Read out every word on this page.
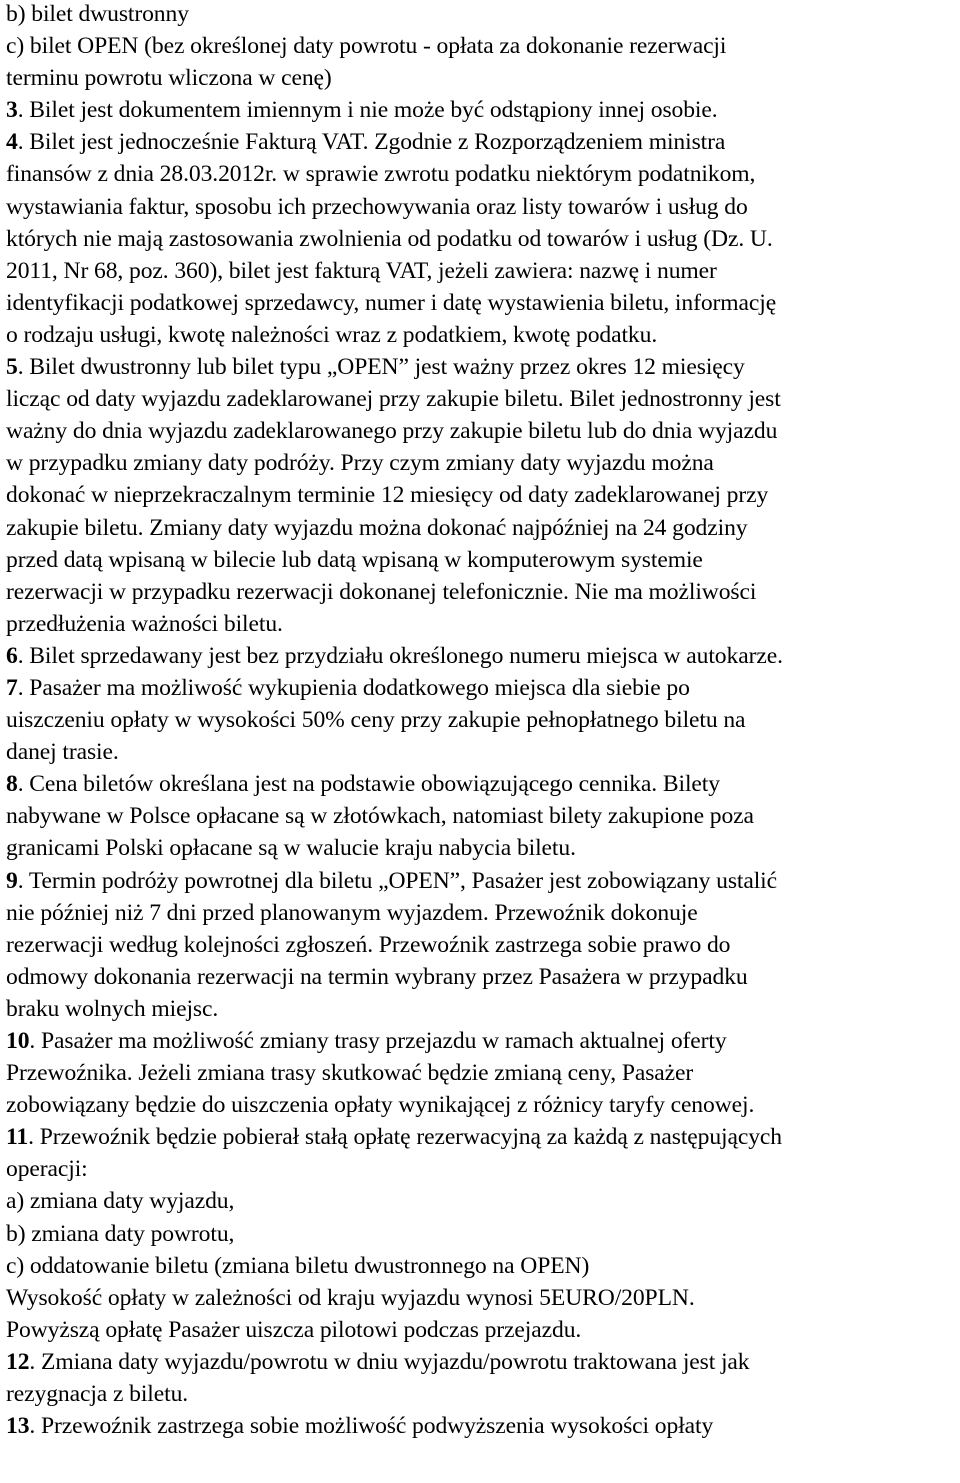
b) bilet dwustronny
c) bilet OPEN (bez określonej daty powrotu - opłata za dokonanie rezerwacji
terminu powrotu wliczona w cenę)
3. Bilet jest dokumentem imiennym i nie może być odstąpiony innej osobie.
4. Bilet jest jednocześnie Fakturą VAT. Zgodnie z Rozporządzeniem ministra
finansów z dnia 28.03.2012r. w sprawie zwrotu podatku niektórym podatnikom,
wystawiania faktur, sposobu ich przechowywania oraz listy towarów i usług do
których nie mają zastosowania zwolnienia od podatku od towarów i usług (Dz. U.
2011, Nr 68, poz. 360), bilet jest fakturą VAT, jeżeli zawiera: nazwę i numer
identyfikacji podatkowej sprzedawcy, numer i datę wystawienia biletu, informację
o rodzaju usługi, kwotę należności wraz z podatkiem, kwotę podatku.
5. Bilet dwustronny lub bilet typu „OPEN” jest ważny przez okres 12 miesięcy
licząc od daty wyjazdu zadeklarowanej przy zakupie biletu. Bilet jednostronny jest
ważny do dnia wyjazdu zadeklarowanego przy zakupie biletu lub do dnia wyjazdu
w przypadku zmiany daty podróży. Przy czym zmiany daty wyjazdu można
dokonać w nieprzekraczalnym terminie 12 miesięcy od daty zadeklarowanej przy
zakupie biletu. Zmiany daty wyjazdu można dokonać najpóźniej na 24 godziny
przed datą wpisaną w bilecie lub datą wpisaną w komputerowym systemie
rezerwacji w przypadku rezerwacji dokonanej telefonicznie. Nie ma możliwości
przedłużenia ważności biletu.
6. Bilet sprzedawany jest bez przydziału określonego numeru miejsca w autokarze.
7. Pasażer ma możliwość wykupienia dodatkowego miejsca dla siebie po
uiszczeniu opłaty w wysokości 50% ceny przy zakupie pełnopłatnego biletu na
danej trasie.
8. Cena biletów określana jest na podstawie obowiązującego cennika. Bilety
nabywane w Polsce opłacane są w złotówkach, natomiast bilety zakupione poza
granicami Polski opłacane są w walucie kraju nabycia biletu.
9. Termin podróży powrotnej dla biletu „OPEN”, Pasażer jest zobowiązany ustalić
nie później niż 7 dni przed planowanym wyjazdem. Przewoźnik dokonuje
rezerwacji według kolejności zgłoszeń. Przewoźnik zastrzega sobie prawo do
odmowy dokonania rezerwacji na termin wybrany przez Pasażera w przypadku
braku wolnych miejsc.
10. Pasażer ma możliwość zmiany trasy przejazdu w ramach aktualnej oferty
Przewoźnika. Jeżeli zmiana trasy skutkować będzie zmianą ceny, Pasażer
zobowiązany będzie do uiszczenia opłaty wynikającej z różnicy taryfy cenowej.
11. Przewoźnik będzie pobierał stałą opłatę rezerwacyjną za każdą z następujących
operacji:
a) zmiana daty wyjazdu,
b) zmiana daty powrotu,
c) oddatowanie biletu (zmiana biletu dwustronnego na OPEN)
Wysokość opłaty w zależności od kraju wyjazdu wynosi 5EURO/20PLN.
Powyższą opłatę Pasażer uiszcza pilotowi podczas przejazdu.
12. Zmiana daty wyjazdu/powrotu w dniu wyjazdu/powrotu traktowana jest jak
rezygnacja z biletu.
13. Przewoźnik zastrzega sobie możliwość podwyższenia wysokości opłaty
